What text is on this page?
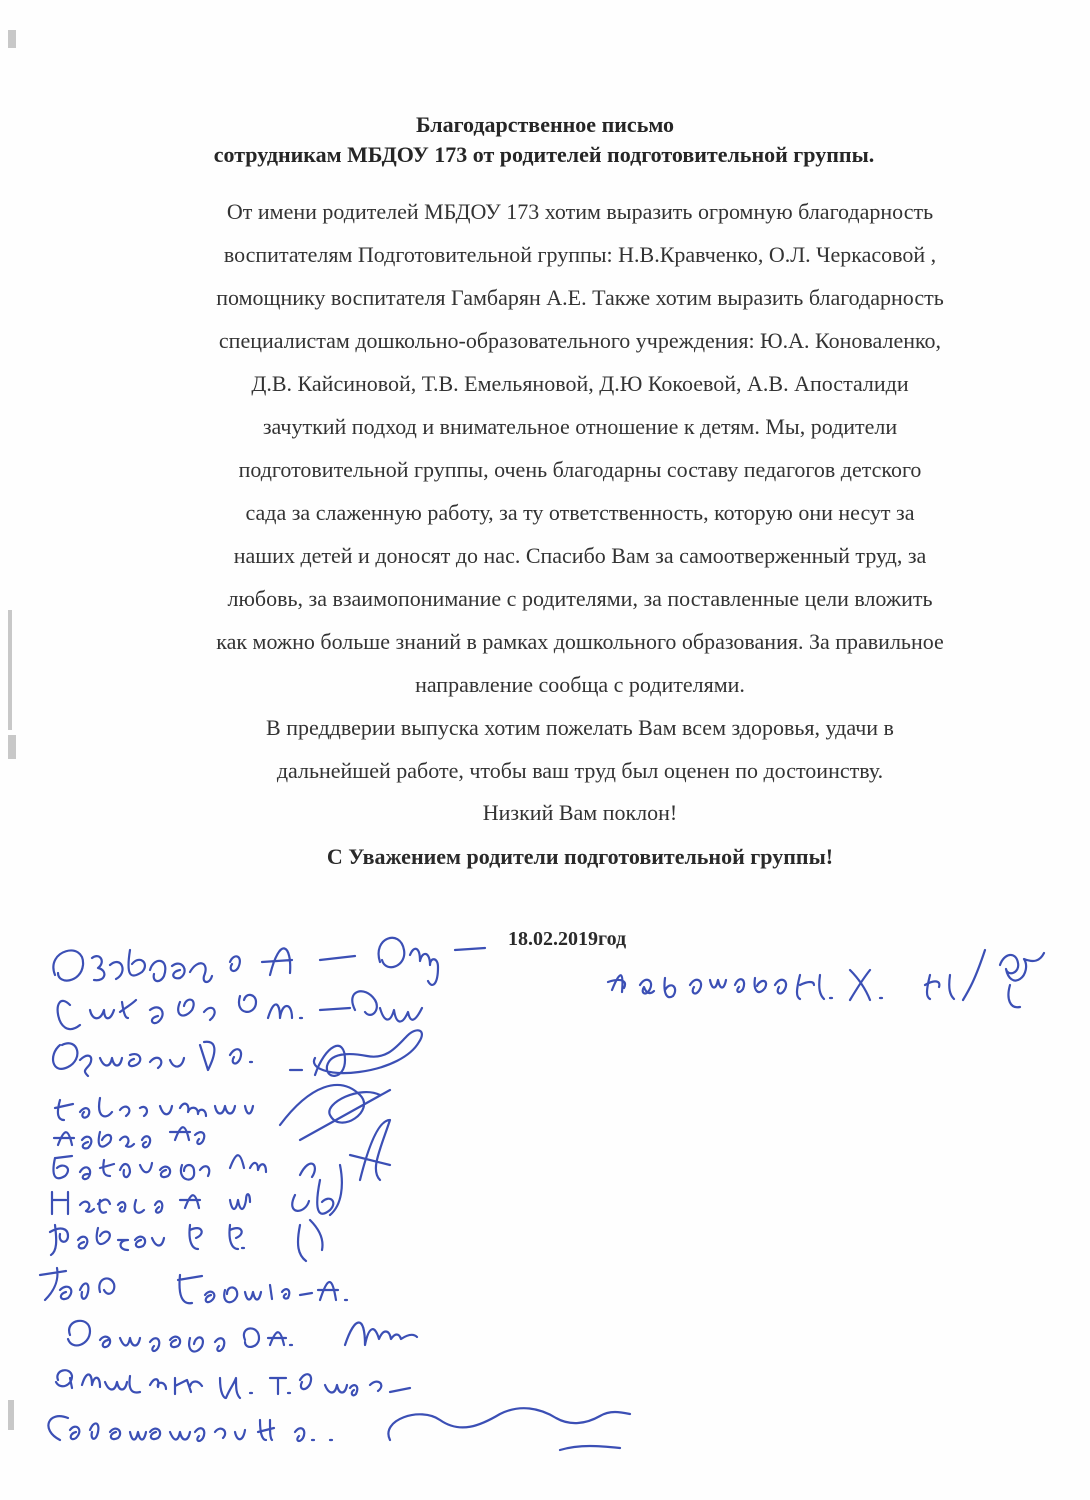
Благодарственное письмо
сотрудникам МБДОУ 173 от родителей подготовительной группы.
От имени родителей МБДОУ 173 хотим выразить огромную благодарность
воспитателям Подготовительной группы: Н.В.Кравченко, О.Л. Черкасовой ,
помощнику воспитателя Гамбарян А.Е. Также хотим выразить благодарность
специалистам дошкольно-образовательного учреждения: Ю.А. Коноваленко,
Д.В. Кайсиновой, Т.В. Емельяновой, Д.Ю Кокоевой, А.В. Апосталиди
зачуткий подход и внимательное отношение к детям. Мы, родители
подготовительной группы, очень благодарны составу педагогов детского
сада за слаженную работу, за ту ответственность, которую они несут за
наших детей и доносят до нас. Спасибо Вам за самоотверженный труд, за
любовь, за взаимопонимание с родителями, за поставленные цели вложить
как можно больше знаний в рамках дошкольного образования. За правильное
направление сообща с родителями.
В преддверии выпуска хотим пожелать Вам всем здоровья, удачи в
дальнейшей работе, чтобы ваш труд был оценен по достоинству.
Низкий Вам поклон!
С Уважением родители подготовительной группы!
18.02.2019год
